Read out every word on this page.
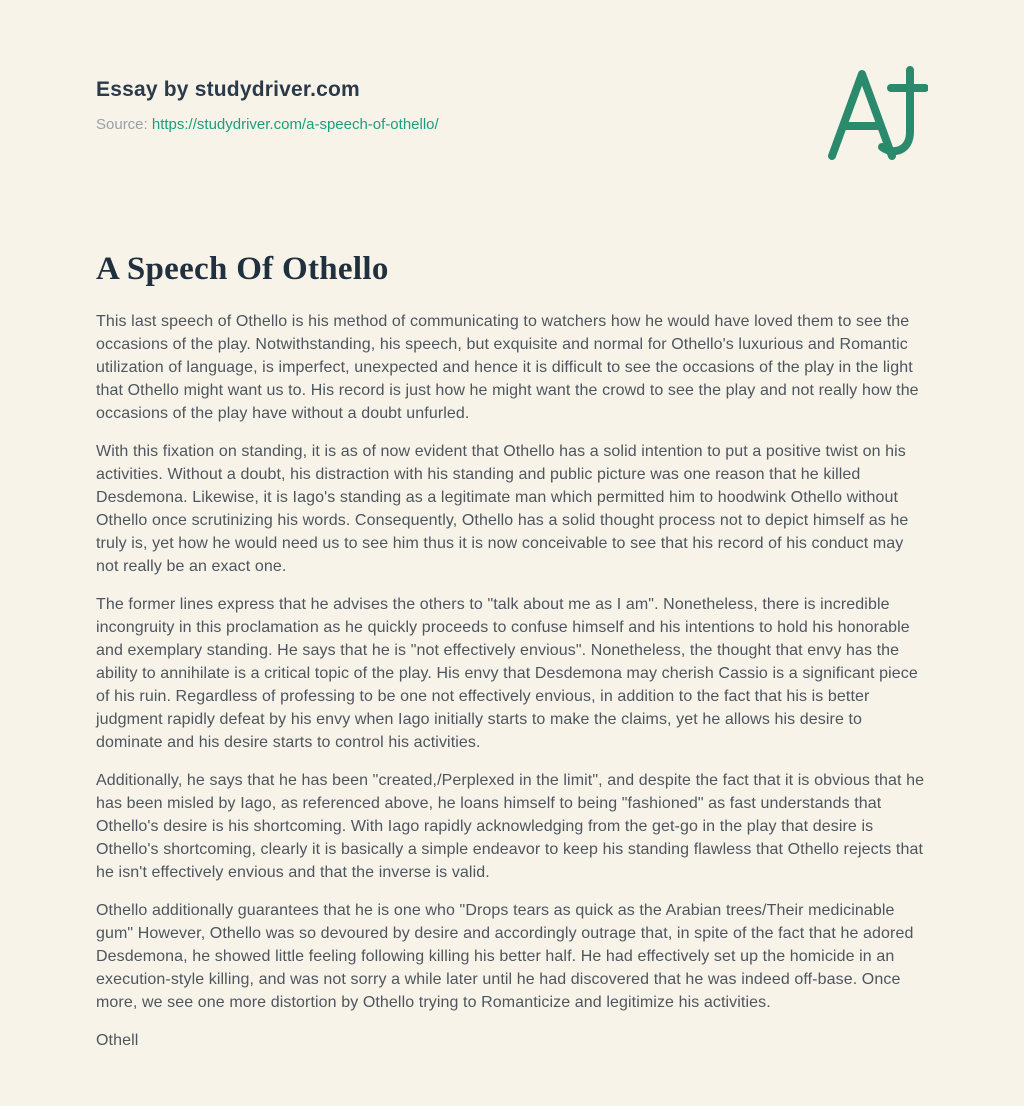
Essay by studydriver.com

Source: https://studydriver.com/a-speech-of-othello/

A Speech Of Othello

This last speech of Othello is his method of communicating to watchers how he would have loved them to see the occasions of the play. Notwithstanding, his speech, but exquisite and normal for Othello's luxurious and Romantic utilization of language, is imperfect, unexpected and hence it is difficult to see the occasions of the play in the light that Othello might want us to. His record is just how he might want the crowd to see the play and not really how the occasions of the play have without a doubt unfurled.

With this fixation on standing, it is as of now evident that Othello has a solid intention to put a positive twist on his activities. Without a doubt, his distraction with his standing and public picture was one reason that he killed Desdemona. Likewise, it is Iago's standing as a legitimate man which permitted him to hoodwink Othello without Othello once scrutinizing his words. Consequently, Othello has a solid thought process not to depict himself as he truly is, yet how he would need us to see him thus it is now conceivable to see that his record of his conduct may not really be an exact one.

The former lines express that he advises the others to "talk about me as I am". Nonetheless, there is incredible incongruity in this proclamation as he quickly proceeds to confuse himself and his intentions to hold his honorable and exemplary standing. He says that he is "not effectively envious". Nonetheless, the thought that envy has the ability to annihilate is a critical topic of the play. His envy that Desdemona may cherish Cassio is a significant piece of his ruin. Regardless of professing to be one not effectively envious, in addition to the fact that his is better judgment rapidly defeat by his envy when Iago initially starts to make the claims, yet he allows his desire to dominate and his desire starts to control his activities.

Additionally, he says that he has been "created,/Perplexed in the limit", and despite the fact that it is obvious that he has been misled by Iago, as referenced above, he loans himself to being "fashioned" as fast understands that Othello's desire is his shortcoming. With Iago rapidly acknowledging from the get-go in the play that desire is Othello's shortcoming, clearly it is basically a simple endeavor to keep his standing flawless that Othello rejects that he isn't effectively envious and that the inverse is valid.

Othello additionally guarantees that he is one who "Drops tears as quick as the Arabian trees/Their medicinable gum" However, Othello was so devoured by desire and accordingly outrage that, in spite of the fact that he adored Desdemona, he showed little feeling following killing his better half. He had effectively set up the homicide in an execution-style killing, and was not sorry a while later until he had discovered that he was indeed off-base. Once more, we see one more distortion by Othello trying to Romanticize and legitimize his activities.

Othell
